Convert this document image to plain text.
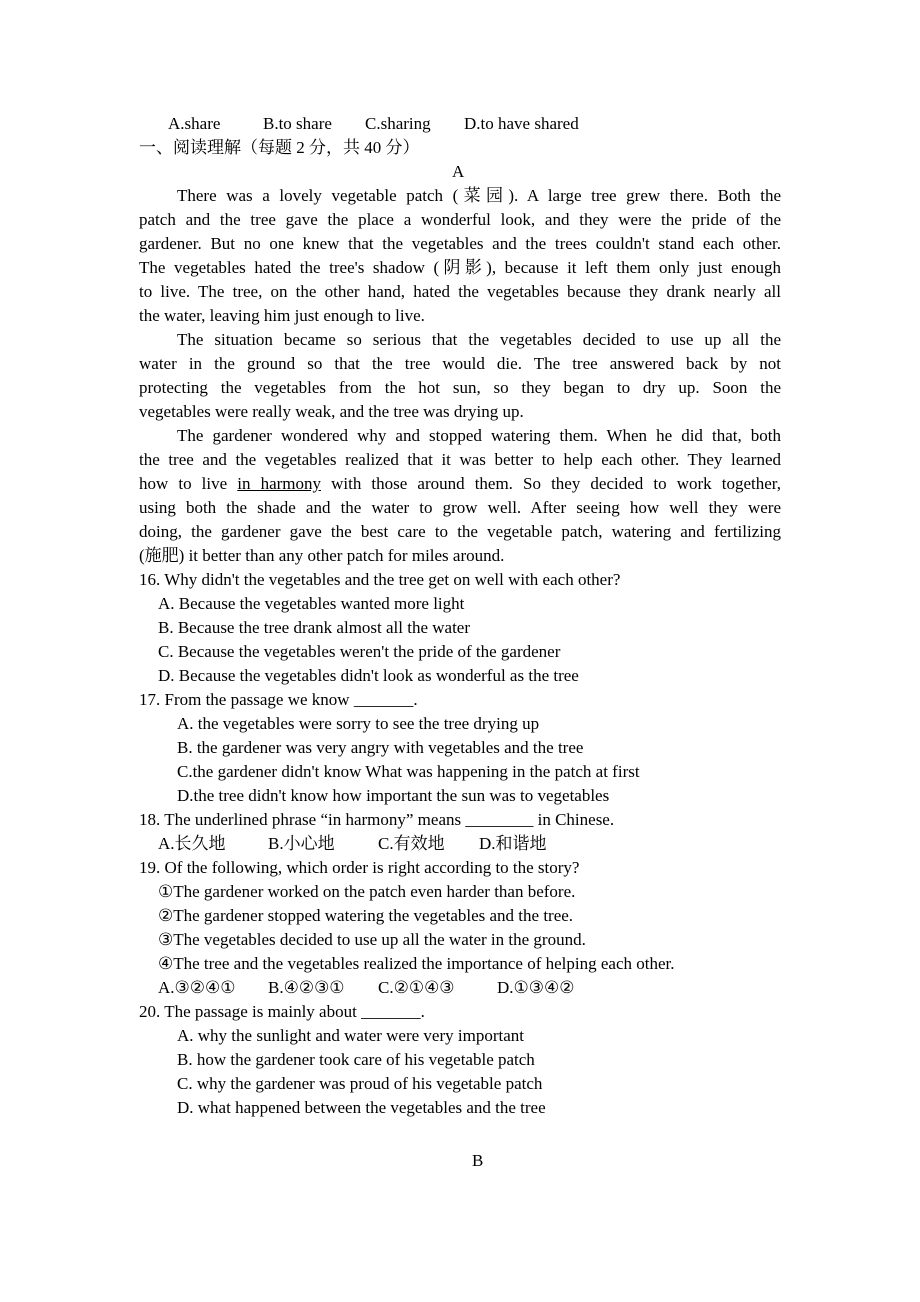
A.share	B.to share C.sharing D.to have shared
一、阅读理解（每题 2 分，共 40 分）
A
There was a lovely vegetable patch (菜园). A large tree grew there. Both the
patch and the tree gave the place a wonderful look, and they were the pride of the
gardener. But no one knew that the vegetables and the trees couldn't stand each other.
The vegetables hated the tree's shadow (阴影), because it left them only just enough
to live. The tree, on the other hand, hated the vegetables because they drank nearly all
the water, leaving him just enough to live.
The situation became so serious that the vegetables decided to use up all the
water in the ground so that the tree would die. The tree answered back by not
protecting the vegetables from the hot sun, so they began to dry up. Soon the
vegetables were really weak, and the tree was drying up.
The gardener wondered why and stopped watering them. When he did that, both
the tree and the vegetables realized that it was better to help each other. They learned
how to live in harmony with those around them. So they decided to work together,
using both the shade and the water to grow well. After seeing how well they were
doing, the gardener gave the best care to the vegetable patch, watering and fertilizing
(施肥) it better than any other patch for miles around.
16. Why didn't the vegetables and the tree get on well with each other?
A. Because the vegetables wanted more light
B. Because the tree drank almost all the water
C. Because the vegetables weren't the pride of the gardener
D. Because the vegetables didn't look as wonderful as the tree
17. From the passage we know _______.
A. the vegetables were sorry to see the tree drying up
B. the gardener was very angry with vegetables and the tree
C.the gardener didn't know What was happening in the patch at first
D.the tree didn't know how important the sun was to vegetables
18. The underlined phrase “in harmony” means ________ in Chinese.
A.长久地 B.小心地	C.有效地 D.和谐地
19. Of the following, which order is right according to the story?
①The gardener worked on the patch even harder than before.
②The gardener stopped watering the vegetables and the tree.
③The vegetables decided to use up all the water in the ground.
④The tree and the vegetables realized the importance of helping each other.
A.③②④① B.④②③① C.②①④③ D.①③④②
20. The passage is mainly about _______.
A. why the sunlight and water were very important
B. how the gardener took care of his vegetable patch
C. why the gardener was proud of his vegetable patch
D. what happened between the vegetables and the tree
B
